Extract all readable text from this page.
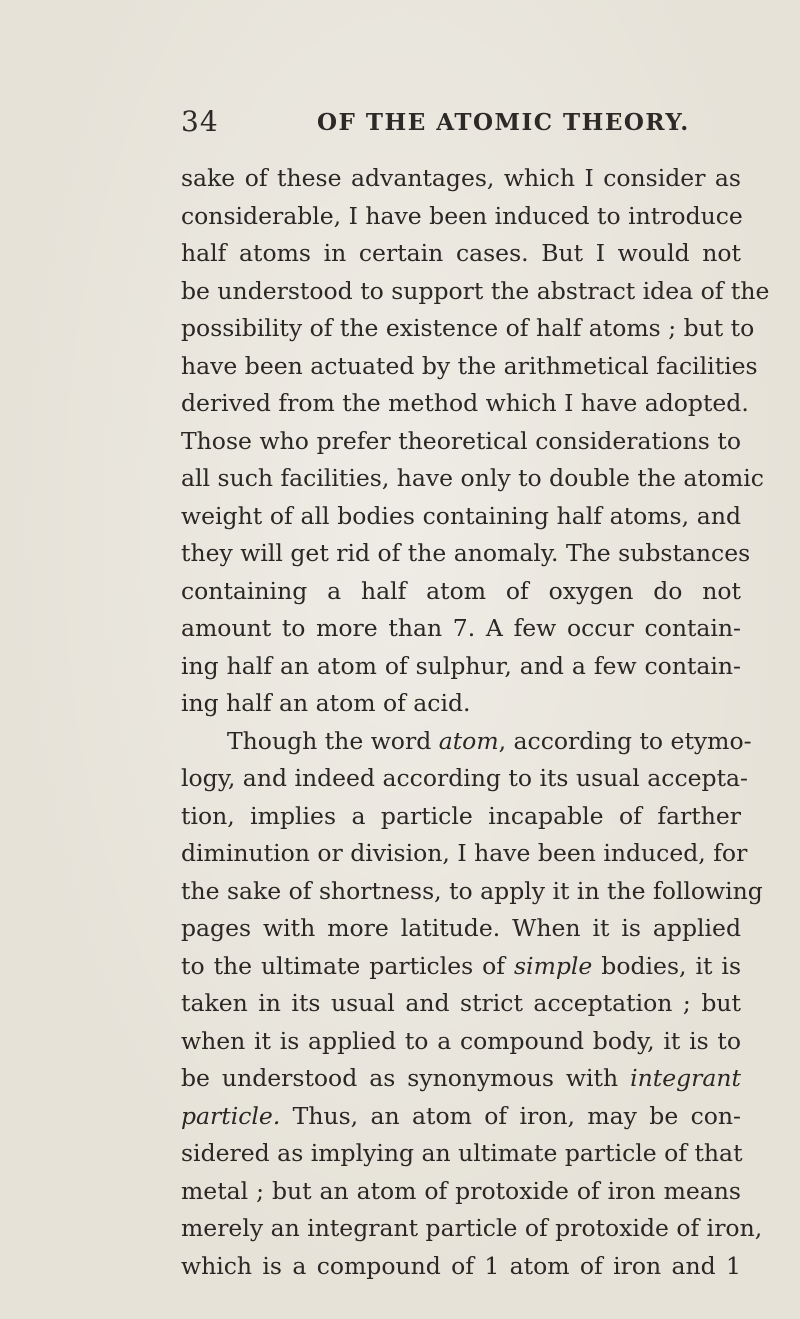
34	OF THE ATOMIC THEORY.
sake of these advantages, which I consider as
considerable, I have been induced to introduce
half atoms in certain cases. But I would not
be understood to support the abstract idea of the
possibility of the existence of half atoms ; but to
have been actuated by the arithmetical facilities
derived from the method which I have adopted.
Those who prefer theoretical considerations to
all such facilities, have only to double the atomic
weight of all bodies containing half atoms, and
they will get rid of the anomaly. The substances
containing a half atom of oxygen do not
amount to more than 7. A few occur contain-
ing half an atom of sulphur, and a few contain-
ing half an atom of acid.
Though the word atom, according to etymo-
logy, and indeed according to its usual accepta-
tion, implies a particle incapable of farther
diminution or division, I have been induced, for
the sake of shortness, to apply it in the following
pages with more latitude. When it is applied
to the ultimate particles of simple bodies, it is
taken in its usual and strict acceptation ; but
when it is applied to a compound body, it is to
be understood as synonymous with integrant
particle. Thus, an atom of iron, may be con-
sidered as implying an ultimate particle of that
metal ; but an atom of protoxide of iron means
merely an integrant particle of protoxide of iron,
which is a compound of 1 atom of iron and 1
